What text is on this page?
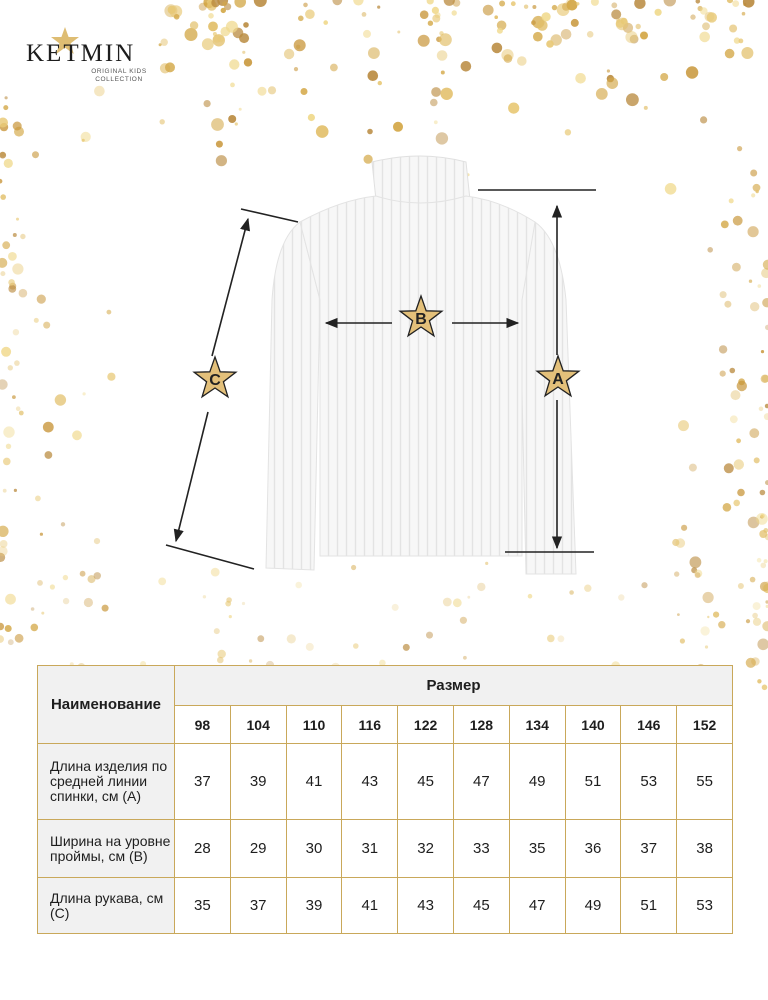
KETMIN
ORIGINAL KIDS
COLLECTION
A
B
C
Наименование	Размер									
	98	104	110	116	122	128	134	140	146	152
Длина изделия по средней линии спинки, см (А)	37	39	41	43	45	47	49	51	53	55
Ширина на уровне проймы, см (В)	28	29	30	31	32	33	35	36	37	38
Длина рукава, см (С)	35	37	39	41	43	45	47	49	51	53
